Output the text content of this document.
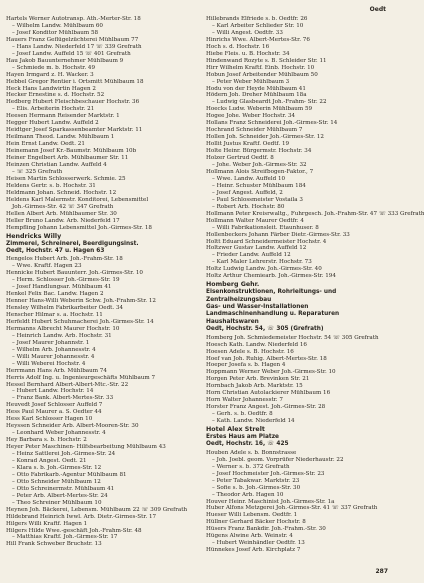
Oedt
Hartels Werner Autotransp. Ath.-Merter-Str. 18
– Wilhelm Landw. Mühlbaum 60
– Josef Konditor Mühlbaum 58
Hauers Franz Geflügelzüchterei Mühlbaum 77
– Hans Landw. Niederfeld 17 ☏ 339 Grefrath
– Josef Landw. Auffeld 15 ☏ 401 Grefrath
Hau Jakob Bauunternehmer Mühlbaum 9
– Schmiede m. b. Hochstr. 49
Hayen Irmgard z. H. Wacker. 3
Hebbel Gregor Rentier i. Ortsmitt Mühlbaum 18
Heck Hans Landwirtin Hagen 2
Hecker Ernestine s. d. Hochstr. 52
Hedberg Hubert Fleischbeschauer Hochstr. 36
– Elis. Arbeiterin Hochstr. 21
Heesen Hermann Reisender Marktstr. 1
Hegger Hubert Landw. Auffeld 2
Heidtger Josef Sparkassenbeamter Marktstr. 11
Heilmann Theod. Landw. Mühlbaum 1
Hein Ernst Landw. Oedt. 21
Heinemann Josef Kr.-Baumstr. Mühlbaum 10b
Heiner Engelbert Arb. Mühlbaumer Str. 11
Heinzen Christian Landw. Auffeld 4
– ☏ 325 Grefrath
Heisen Martin Schlosserwerk. Schmie. 25
Heldens Gertr. s. b. Hochstr. 31
Heldmann Johan. Schneid. Hochstr. 12
Heldens Karl Malermstr. Konditorei, Lebensmittel
Joh.-Girmes-Str. 42 ☏ 347 Grefrath
Hellen Albert Arb. Mühlbaumer Str. 30
Heller Bruno Landw. Arb. Niederfeld 17
Hempfling Johann Lebensmittel Joh.-Girmes-Str. 18
Hendricks Willy
Zimmerei, Schreinerei, Beerdigungsinst.
Oedt, Hochstr. 47 u. Hagen 63
Hengelos Hubert Arb. Joh.-Frahm-Str. 18
– Wwe. Kraftf. Hagen 23
Hennicke Hubert Bauunterr. Joh.-Girmes-Str. 10
– Herm. Schlosser Joh.-Girmes-Str. 19
– Josef Handlungsar. Mühlbaum 41
Henkel Felix Bac. Landw. Hagen 2
Henner Hans-Willi Weberin Schw. Joh.-Frahm-Str. 12
Hensley Wilhelm Fabrikarbeiter Oedt. 34
Henscher Hilmar s. a. Hochstr. 11
Herfeldt Hubert Schuhmacherei Joh.-Girmes-Str. 14
Hermanns Albrecht Maurer Hochstr. 10
– Heinrich Landw. Arb. Hochstr. 31
– Josef Maurer Johannstr. 1
– Wilhelm Arb. Johannesstr. 4
– Willi Maurer Johannesstr. 4
– Willi Weberei Hochstr. 4
Herrmann Hans Arb. Mühlbaum 74
Herris Adolf Ing. u. Ingenieurgeschäfts Mühlbaum 7
Hessel Bernhard Albert-Albert-Mtc.-Str. 22
– Hubert Landw. Hochstr. 14
– Franz Bank. Albert-Mertes-Str. 33
Heuvedt Josef Schlosser Auffeld 7
Hess Paul Maurer a. S. Oedter 44
Hess Karl Schlosser Hagen 10
Heyssen Schneider Arb. Albert-Mooren-Str. 30
– Leonhard Weber Johannesstr. 4
Hey Barbara s. b. Hochstr. 2
Heyer Peter Maschinen- Hilfsbearbeitung Mühlbaum 43
– Heinz Sattlerei Joh.-Girmes-Str. 24
– Konrad Angest. Oedt. 21
– Klara s. b. Joh.-Girmes-Str. 12
– Otto Fabrikarb.-Agentur Mühlbaum 81
– Otto Schneider Mühlbaum 12
– Otto Schreinermstr. Mühlbaum 41
– Peter Arb. Albert-Mertes-Str. 24
– Theo Schreiner Mühlbaum 10
Heynen Joh. Bäckerei, Lebensm. Mühlbaum 22 ☏ 309 Grefrath
Hildebrand Heinrich Iwwl. Arb. Dietr.-Girmes-Str. 17
Hilgers Willi Kraftf. Hagen 1
Hilgers Hilde Wwe.-geschäft Joh.-Frahm-Str. 48
– Matthias Kraftf. Joh.-Girmes-Str. 17
Hill Frank Schweber Bruchstr. 13
Hillebrands Elfriede s. b. Oedtfr. 26
– Karl Arbeiter Schlieder Str. 10
– Willi Angest. Oedtfr. 33
Hinrichs Wwe. Albert-Mertes-Str. 76
Hoch s. d. Hochstr. 16
Hiebe Fleis. u. B. Hochstr. 34
Hindenwand Rozyte s. B. Schleider Str. 11
Hirr Wilhelm Kraftf. Einb. Hochstr. 10
Hobun Josef Arbeitender Mühlbaum 50
– Peter Weber Mühlbaum 3
Hodu von der Heyde Mühlbaum 41
Hödern Joh. Dreher Mühlbaum 18a
– Ludwig Glasbeardt Joh.-Frahm- Str. 22
Hoecks Ludw. Weberin Mühlbaum 59
Hogee Johe. Weber Hochstr. 34
Hollans Franz Schneiderei Joh.-Girmes-Str. 14
Hochrand Schneider Mühlbaum 7
Hollen Joh. Schneider Joh.-Girmes-Str. 12
Hollit Justus Kraftf. Oedtf. 19
Holte Heinr. Bürgermstr. Hochstr. 34
Holzer Gertrud Oedtf. 8
– Johe. Weber Joh.-Girmes-Str. 32
Hollmann Alois Streifbogen-Faktor., 7
– Wwe. Landw. Auffeld 10
– Heinr. Schuster Mühlbaum 184
– Josef Angest. Auffeld, 2
– Paul Schlossmeister Vostaila 3
– Robert Arb. Hochstr. 80
Hollmann Peter Kreisrwaltg., Fuhrgesch. Joh.-Frahm-Str. 47 ☏ 333 Grefrath
Hollmann Walter Maurer Oedtfr. 4
– Willi Fabrikationsleit. Etaunhuser. 8
Hollenbeckers Johann Färber Dietr.-Girmes-Str. 33
Holtt Eduard Schneidermeister Hochstr. 4
Holtzwer Gustav Landw. Auffeld 12
– Frieder Landw. Auffeld 12
– Karl Maler Lehrerstr. Hochstr. 73
Holtz Ludwig Landw. Joh.-Girmes-Str. 40
Holtz Arthur Chemiearb. Joh.-Girmes-Str. 194
Homberg Gehr.
Eisenkonstruktionen, Rohrleitungs- und
Zentralheizungsbau
Gas- und Wasser-Installationen
Landmaschinenhandlung u. Reparaturen
Haushaltswaren
Oedt, Hochstr. 54, ☏ 305 (Grefrath)
Homberg Joh. Schmiedemeister Hochstr. 54 ☏ 305 Grefrath
Hoesch Kath. Landw. Niederfeld 16
Hoesen Adele s. B. Hochstr. 16
Hoef van Joh. Ruhig. Albert-Mertes-Str. 18
Hoeper Josefa s. b. Hagen 4
Hoppmann Werner Weber Joh.-Girmes-Str. 10
Horgen Peter Arb. Brevinken Str. 21
Hornbach Jakob Arb. Marktstr. 15
Horn Christian Autolackierer Mühlbaum 16
Horn Walter Johannesstr. 7
Horster Franz Angest. Joh.-Girmes-Str. 28
– Gerh. s. b. Oedtfr. 8
– Kath. Landw. Niederfeld 14
Hotel Alex Strelt
Erstes Haus am Platze
Oedt, Hochstr. 16, ☏ 425
Houben Adele s. b. Bonnstrasse
– Joh. Joebl. geom. Vorprüfer Niederhaustr. 22
– Werner s. b. 372 Grefrath
– Josef Hochmeister Joh.-Girmes-Str. 23
– Peter Tabakwar. Marktstr. 23
– Sofie s. b. Joh.-Girmes-Str. 30
– Theodor Arb. Hagen 10
Houver Heinr. Maschinist Joh.-Girmes-Str. 1a
Huber Alfons Metzgerei Joh.-Girmes-Str. 41 ☏ 337 Grefrath
Hueser Willi Lebensm. Oedtfr. 1
Hüllner Gerhard Bäcker Hochstr. 8
Hüsers Franz Bankdir. Joh.-Frahm.-Str. 30
Hügens Alwine Arb. Weinstr. 4
– Hubert Weinhändler Oedtfr. 13
Hünnekes Josef Arb. Kirchplatz 7
287
